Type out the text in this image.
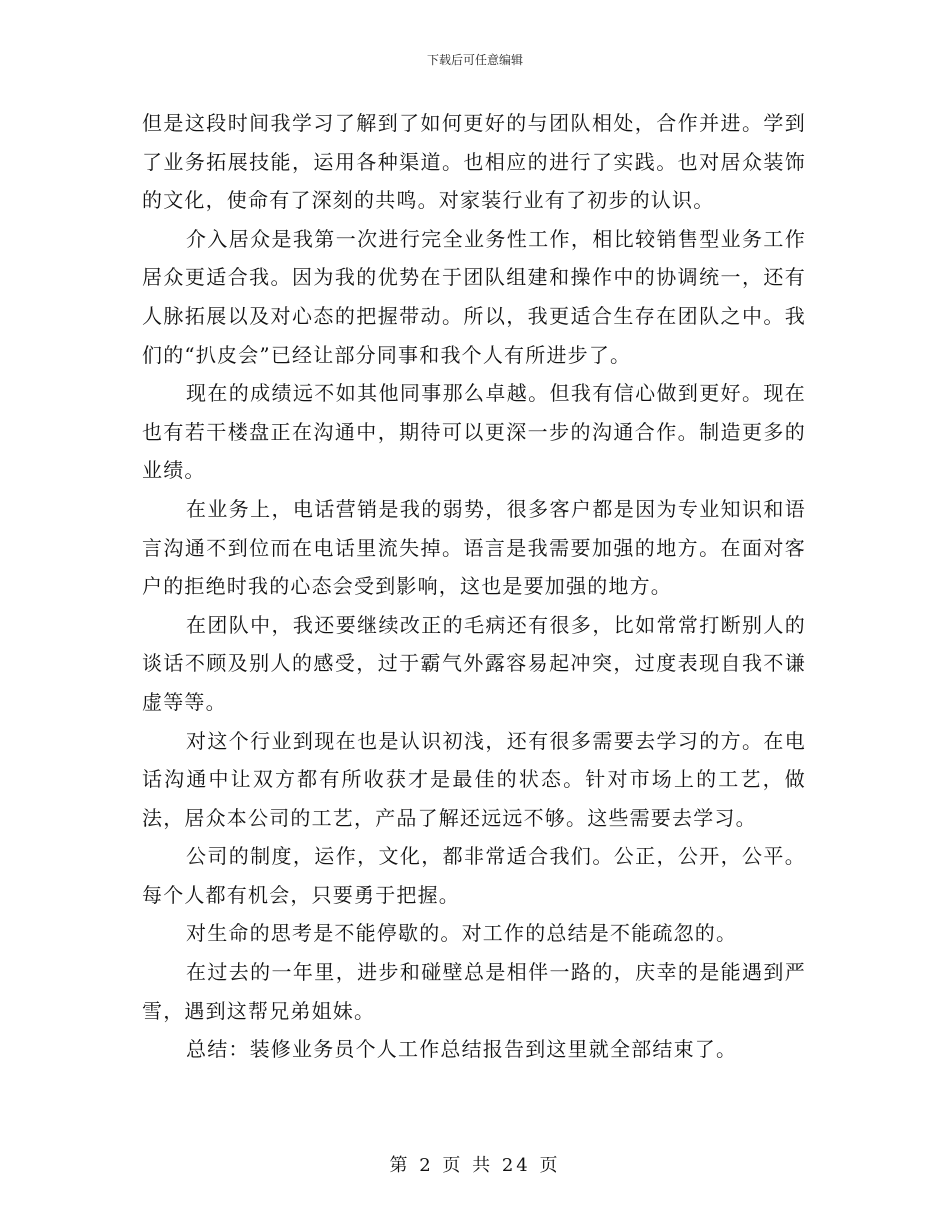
下载后可任意编辑

但是这段时间我学习了解到了如何更好的与团队相处，合作并进。学到了业务拓展技能，运用各种渠道。也相应的进行了实践。也对居众装饰的文化，使命有了深刻的共鸣。对家装行业有了初步的认识。

介入居众是我第一次进行完全业务性工作，相比较销售型业务工作居众更适合我。因为我的优势在于团队组建和操作中的协调统一，还有人脉拓展以及对心态的把握带动。所以，我更适合生存在团队之中。我们的“扒皮会”已经让部分同事和我个人有所进步了。

现在的成绩远不如其他同事那么卓越。但我有信心做到更好。现在也有若干楼盘正在沟通中，期待可以更深一步的沟通合作。制造更多的业绩。

在业务上，电话营销是我的弱势，很多客户都是因为专业知识和语言沟通不到位而在电话里流失掉。语言是我需要加强的地方。在面对客户的拒绝时我的心态会受到影响，这也是要加强的地方。

在团队中，我还要继续改正的毛病还有很多，比如常常打断别人的谈话不顾及别人的感受，过于霸气外露容易起冲突，过度表现自我不谦虚等等。

对这个行业到现在也是认识初浅，还有很多需要去学习的方。在电话沟通中让双方都有所收获才是最佳的状态。针对市场上的工艺，做法，居众本公司的工艺，产品了解还远远不够。这些需要去学习。

公司的制度，运作，文化，都非常适合我们。公正，公开，公平。每个人都有机会，只要勇于把握。

对生命的思考是不能停歇的。对工作的总结是不能疏忽的。

在过去的一年里，进步和碰壁总是相伴一路的，庆幸的是能遇到严雪，遇到这帮兄弟姐妹。

总结：装修业务员个人工作总结报告到这里就全部结束了。

第 2 页 共 24 页
